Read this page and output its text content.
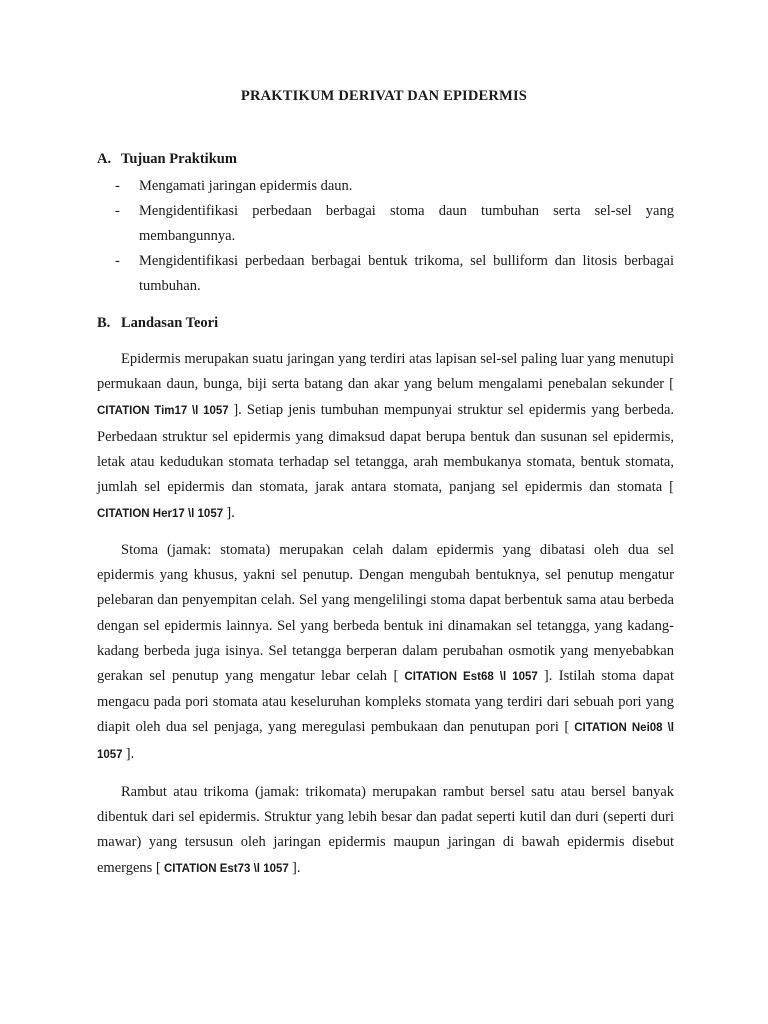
PRAKTIKUM DERIVAT DAN EPIDERMIS
A. Tujuan Praktikum
- Mengamati jaringan epidermis daun.
- Mengidentifikasi perbedaan berbagai stoma daun tumbuhan serta sel-sel yang membangunnya.
- Mengidentifikasi perbedaan berbagai bentuk trikoma, sel bulliform dan litosis berbagai tumbuhan.
B. Landasan Teori

Epidermis merupakan suatu jaringan yang terdiri atas lapisan sel-sel paling luar yang menutupi permukaan daun, bunga, biji serta batang dan akar yang belum mengalami penebalan sekunder [ CITATION Tim17 \l 1057 ]. Setiap jenis tumbuhan mempunyai struktur sel epidermis yang berbeda. Perbedaan struktur sel epidermis yang dimaksud dapat berupa bentuk dan susunan sel epidermis, letak atau kedudukan stomata terhadap sel tetangga, arah membukanya stomata, bentuk stomata, jumlah sel epidermis dan stomata, jarak antara stomata, panjang sel epidermis dan stomata [ CITATION Her17 \l 1057 ].

Stoma (jamak: stomata) merupakan celah dalam epidermis yang dibatasi oleh dua sel epidermis yang khusus, yakni sel penutup. Dengan mengubah bentuknya, sel penutup mengatur pelebaran dan penyempitan celah. Sel yang mengelilingi stoma dapat berbentuk sama atau berbeda dengan sel epidermis lainnya. Sel yang berbeda bentuk ini dinamakan sel tetangga, yang kadang-kadang berbeda juga isinya. Sel tetangga berperan dalam perubahan osmotik yang menyebabkan gerakan sel penutup yang mengatur lebar celah [ CITATION Est68 \l 1057 ]. Istilah stoma dapat mengacu pada pori stomata atau keseluruhan kompleks stomata yang terdiri dari sebuah pori yang diapit oleh dua sel penjaga, yang meregulasi pembukaan dan penutupan pori [ CITATION Nei08 \l 1057 ].

Rambut atau trikoma (jamak: trikomata) merupakan rambut bersel satu atau bersel banyak dibentuk dari sel epidermis. Struktur yang lebih besar dan padat seperti kutil dan duri (seperti duri mawar) yang tersusun oleh jaringan epidermis maupun jaringan di bawah epidermis disebut emergens [ CITATION Est73 \l 1057 ].
